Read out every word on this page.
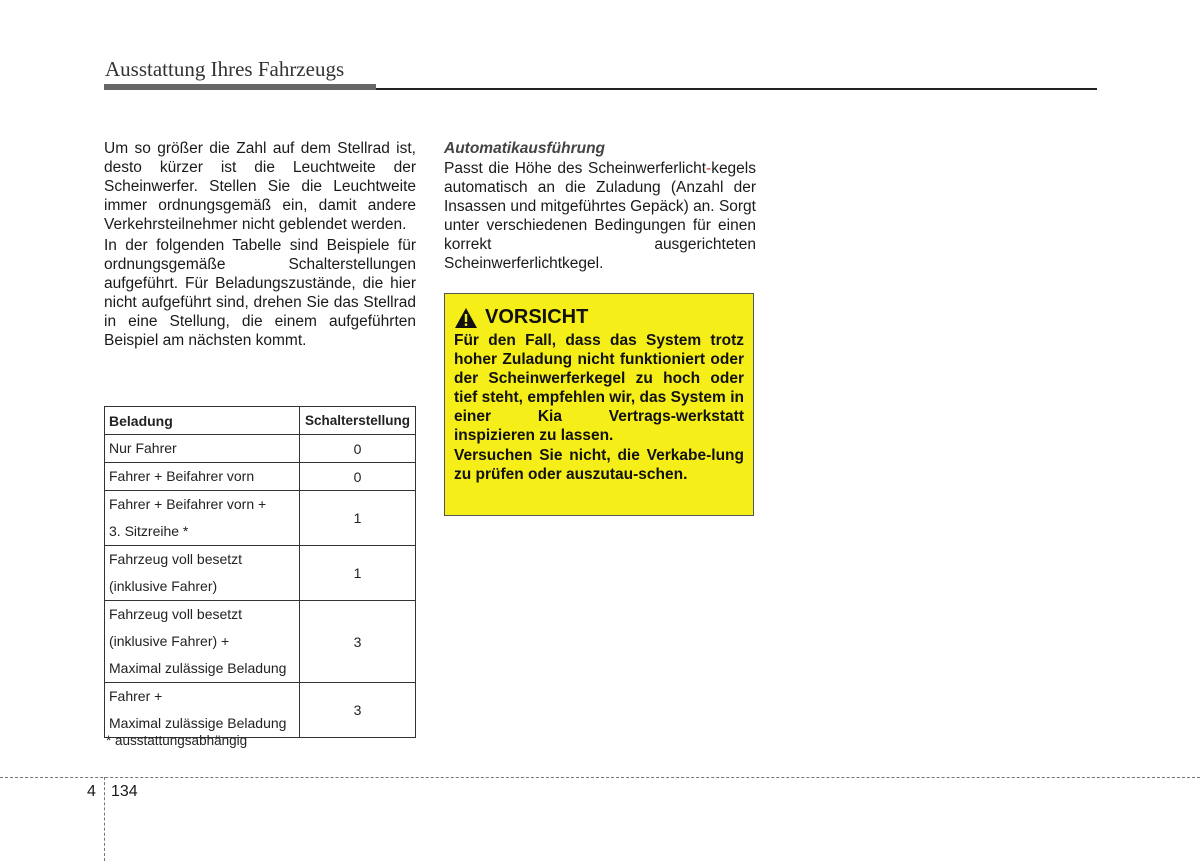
Ausstattung Ihres Fahrzeugs

Um so größer die Zahl auf dem Stellrad ist, desto kürzer ist die Leuchtweite der Scheinwerfer. Stellen Sie die Leuchtweite immer ordnungsgemäß ein, damit andere Verkehrsteilnehmer nicht geblendet werden.

In der folgenden Tabelle sind Beispiele für ordnungsgemäße Schalterstellungen aufgeführt. Für Beladungszustände, die hier nicht aufgeführt sind, drehen Sie das Stellrad in eine Stellung, die einem aufgeführten Beispiel am nächsten kommt.

Beladung	Schalterstellung

Nur Fahrer	0

Fahrer + Beifahrer vorn	0

Fahrer + Beifahrer vorn +
3. Sitzreihe *	1

Fahrzeug voll besetzt
(inklusive Fahrer)	1

Fahrzeug voll besetzt
(inklusive Fahrer) +
Maximal zulässige Beladung	3

Fahrer +
Maximal zulässige Beladung	3
* ausstattungsabhängig
Automatikausführung

Passt die Höhe des Scheinwerferlicht-kegels automatisch an die Zuladung (Anzahl der Insassen und mitgeführtes Gepäck) an. Sorgt unter verschiedenen Bedingungen für einen korrekt ausgerichteten Scheinwerferlichtkegel.

VORSICHT

Für den Fall, dass das System trotz hoher Zuladung nicht funktioniert oder der Scheinwerferkegel zu hoch oder tief steht, empfehlen wir, das System in einer Kia Vertrags-werkstatt inspizieren zu lassen.

Versuchen Sie nicht, die Verkabe-lung zu prüfen oder auszutau-schen.

4 134
